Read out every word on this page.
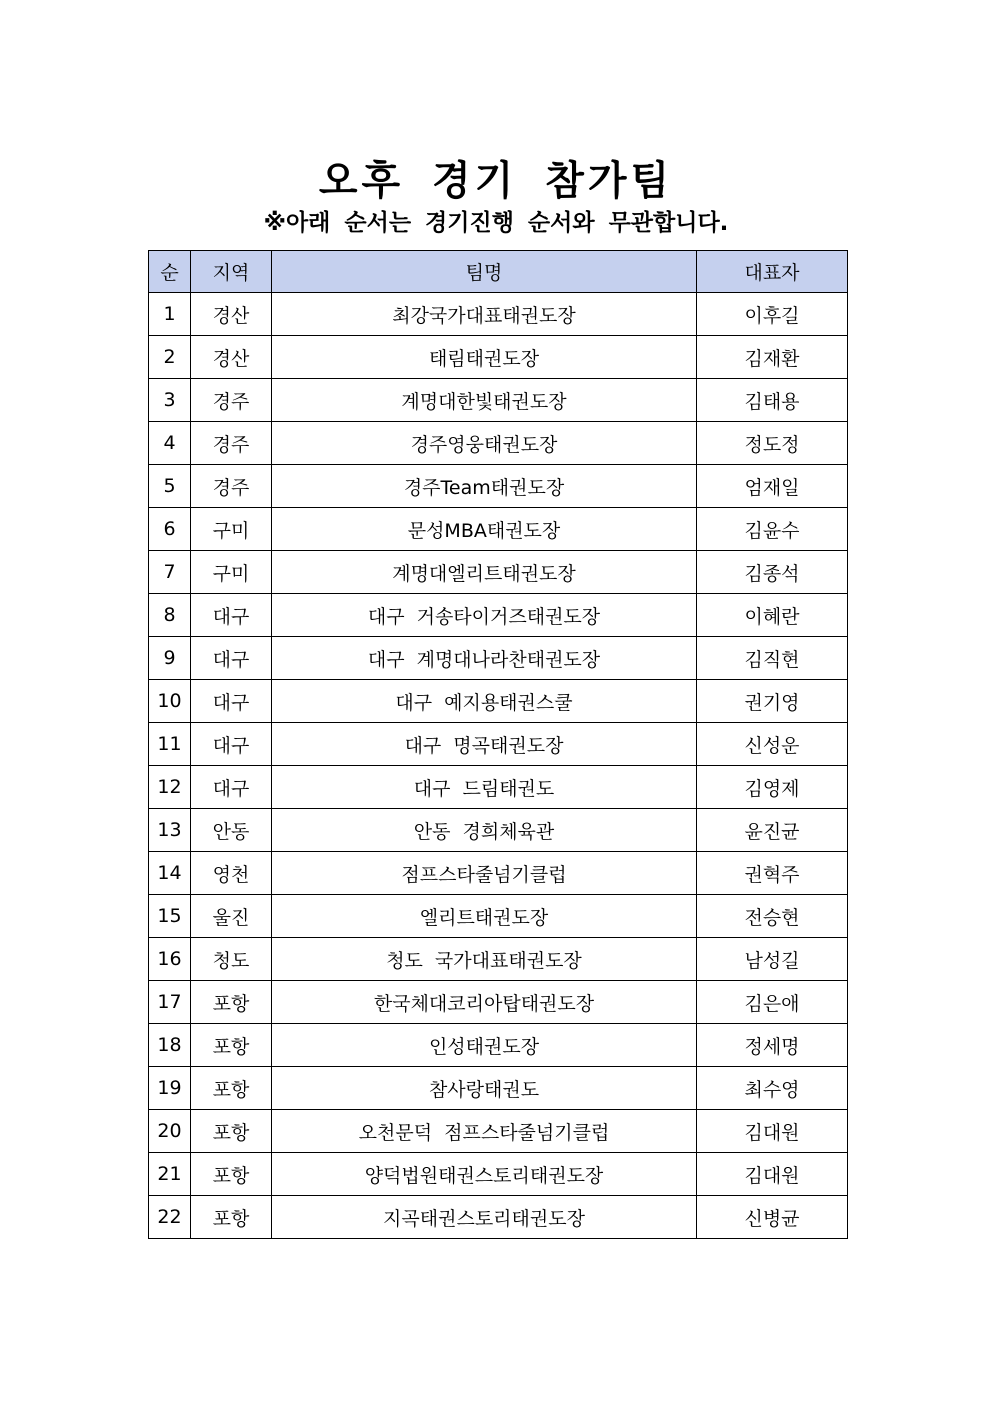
오후 경기 참가팀
※아래 순서는 경기진행 순서와 무관합니다.
순	지역	팀명	대표자
1	경산	최강국가대표태권도장	이후길
2	경산	태림태권도장	김재환
3	경주	계명대한빛태권도장	김태용
4	경주	경주영웅태권도장	정도정
5	경주	경주Team태권도장	엄재일
6	구미	문성MBA태권도장	김윤수
7	구미	계명대엘리트태권도장	김종석
8	대구	대구 거송타이거즈태권도장	이혜란
9	대구	대구 계명대나라찬태권도장	김직현
10	대구	대구 예지용태권스쿨	권기영
11	대구	대구 명곡태권도장	신성운
12	대구	대구 드림태권도	김영제
13	안동	안동 경희체육관	윤진균
14	영천	점프스타줄넘기클럽	권혁주
15	울진	엘리트태권도장	전승현
16	청도	청도 국가대표태권도장	남성길
17	포항	한국체대코리아탑태권도장	김은애
18	포항	인성태권도장	정세명
19	포항	참사랑태권도	최수영
20	포항	오천문덕 점프스타줄넘기클럽	김대원
21	포항	양덕법원태권스토리태권도장	김대원
22	포항	지곡태권스토리태권도장	신병균
